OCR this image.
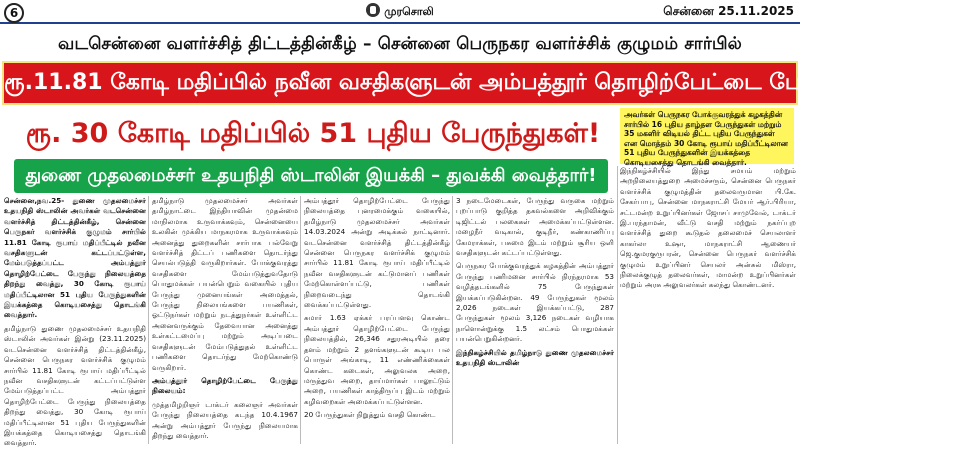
6	முரசொலி	சென்னை 25.11.2025
வடசென்னை வளர்ச்சித் திட்டத்தின்கீழ் – சென்னை பெருநகர வளர்ச்சிக் குழுமம் சார்பில்
ரூ.11.81 கோடி மதிப்பில் நவீன வசதிகளுடன் அம்பத்தூர் தொழிற்பேட்டை பேருந்து நிலையம்!
ரூ. 30 கோடி மதிப்பில் 51 புதிய பேருந்துகள்!
துணை முதலமைச்சர் உதயநிதி ஸ்டாலின் இயக்கி – துவக்கி வைத்தார்!
அவர்கள் பெருநகர போக்குவரத்துக் கழகத்தின் சார்பில் 16 புதிய தாழ்தள பேருந்துகள் மற்றும் 35 மகளிர் விடியல் திட்ட புதிய பேருந்துகள் என மொத்தம் 30 கோடி ரூபாய் மதிப்பீட்டிலான 51 புதிய பேருந்துகளின் இயக்கத்தை கொடியசைத்து தொடங்கி வைத்தார்.

சென்னை,நவ.25- துணை முதலமைச்சர் உதயநிதி ஸ்டாலின் அவர்கள் வடசென்னை வளர்ச்சித் திட்டத்தின்கீழ், சென்னை பெருநகர் வளர்ச்சிக் குழுமம் சார்பில் 11.81 கோடி ரூபாய் மதிப்பீட்டில் நவீன வசதிகளுடன் கட்டப்பட்டுள்ள, மேம்படுத்தப்பட்ட அம்பத்தூர் தொழிற்பேட்டை பேருந்து நிலையத்தை திறந்து வைத்து, 30 கோடி ரூபாய் மதிப்பீட்டிலான 51 புதிய பேருந்துகளின் இயக்கத்தை கொடியசைத்து தொடங்கி வைத்தார்.

தமிழ்நாடு துணை முதலமைச்சர் உதயநிதி ஸ்டாலின் அவர்கள் இன்று (23.11.2025) வடசென்னை வளர்ச்சித் திட்டத்தின்கீழ், சென்னை பெருநகர வளர்ச்சிக் குழுமம் சார்பில் 11.81 கோடி ரூபாய் மதிப்பீட்டில் நவீன வசதிகளுடன் கட்டப்பட்டுள்ள மேம்படுத்தப்பட்ட அம்பத்தூர் தொழிற்பேட்டை பேருந்து நிலையத்தை திறந்து வைத்து, 30 கோடி ரூபாய் மதிப்பீட்டிலான 51 புதிய பேருந்துகளின் இயக்கத்தை கொடியசைத்து தொடங்கி வைத்தார்.

தமிழ்நாடு முதலமைச்சர் அவர்கள் தமிழ்நாட்டை இந்தியாவின் முதன்மை மாநிலமாக உருவாக்கவும், சென்னையை உலகின் முக்கிய மாநகரமாக உருவாக்கவும் அனைத்து துறைகளின் சார்பாக பல்வேறு வளர்ச்சித் திட்டப் பணிகளை தொடர்ந்து செயல்படுத்தி வருகிறார்கள். போக்குவரத்து வசதிகளை மேம்படுத்துவதோடு பொதுமக்கள் பயன்பெறும் வகையில் புதிய பேருந்து முனையங்கள் அமைத்தல், பேருந்து நிலையங்களை பயணிகள், ஓட்டுநர்கள் மற்றும் நடத்துநர்கள் உள்ளிட்ட அனைவருக்கும் தேவையான அனைத்து உள்கட்டமைப்பு மற்றும் அடிப்படை வசதிகளுடன் மேம்படுத்துதல் உள்ளிட்ட பணிகளை தொடர்ந்து மேற்கொண்டு வருகிறார்.

அம்பத்தூர் தொழிற்பேட்டை பேருந்து நிலையம்:

முத்தமிழறிஞர் டாக்டர் கலைஞர் அவர்கள் பேருந்து நிலையத்தை கடந்த 10.4.1967 அன்று அம்பத்தூர் பேருந்து நிலையமாக திறந்து வைத்தார்.

அம்பத்தூர் தொழிற்பேட்டை பேருந்து நிலையத்தை புனரமைக்கும் வகையில், தமிழ்நாடு முதலமைச்சர் அவர்கள் 14.03.2024 அன்று அடிக்கல் நாட்டினார். வடசென்னை வளர்ச்சித் திட்டத்தின்கீழ் சென்னை பெருநகர வளர்ச்சிக் குழுமம் சார்பில் 11.81 கோடி ரூபாய் மதிப்பீட்டில் நவீன வசதிகளுடன் கட்டுமானப் பணிகள் மேற்கொள்ளப்பட்டு, பணிகள் நிறைவடைந்து தொடங்கி வைக்கப்பட்டுள்ளது.

சுமார் 1.63 ஏக்கர் பரப்பளவு கொண்ட அம்பத்தூர் தொழிற்பேட்டை பேருந்து நிலையத்தில், 26,346 சதுரஅடியில் தரை தளம் மற்றும் 2 தளங்களுடன் கூடிய பல பொருள் அங்காடி, 11 எண்ணிக்கைகள் கொண்ட கடைகள், அலுவலக அறை, மருத்துவ அறை, தாய்மார்கள் பாலூட்டும் அறை, பயணிகள் காத்திருப்பு இடம் மற்றும் கழிவறைகள் அமைக்கப்பட்டுள்ளன.

20 பேருந்துகள் நிறுத்தும் வசதி கொண்ட

3 நடைமேடைகள், பேருந்து வருகை மற்றும் புறப்பாடு குறித்த தகவல்களை அறிவிக்கும் டிஜிட்டல் பலகைகள் அமைக்கப்பட்டுள்ளன. மழைநீர் வடிகால், குடிநீர், கண்காணிப்பு கேமராக்கள், பசுமை இடம் மற்றும் சூரிய ஒளி வசதிகளுடன் கட்டப்பட்டுள்ளது.

பெருநகர போக்குவரத்துக் கழகத்தின் அம்பத்தூர் பேருந்து பணிமனை சார்பில் நிரந்தரமாக 53 வழித்தடங்களில் 75 பேருந்துகள் இயக்கப்படுகின்றன. 49 பேருந்துகள் மூலம் 2,026 நடைகள் இயக்கப்பட்டு, 287 பேருந்துகள் மூலம் 3,126 நடைகள் வழியாக நாளொன்றுக்கு 1.5 லட்சம் பொதுமக்கள் பயன்பெறுகின்றனர்.

இந்நிகழ்ச்சியில் தமிழ்நாடு துணை முதலமைச்சர் உதயநிதி ஸ்டாலின்

இந்நிகழ்ச்சியில் இந்து சமயம் மற்றும் அறநிலையத்துறை அமைச்சரும், சென்னை பெருநகர் வளர்ச்சிக் குழுமத்தின் தலைவருமான பி.கே. சேகர்பாபு, சென்னை மாநகராட்சி மேயர் ஆர்.பிரியா, சட்டமன்ற உறுப்பினர்கள் ஜோசப் சாமுவேல், டாக்டர் இ.பரந்தாமன், வீட்டு வசதி மற்றும் நகர்ப்புற வளர்ச்சித் துறை கூடுதல் தலைமைச் செயலாளர் காகர்லா உஷா, மாநகராட்சி ஆணையர் ஜெ.குமரகுருபரன், சென்னை பெருநகர் வளர்ச்சிக் குழுமம் உறுப்பினர் செயலர் அன்சுல் மிஸ்ரா, நிலைக்குழுத் தலைவர்கள், மாமன்ற உறுப்பினர்கள் மற்றும் அரசு அலுவலர்கள் கலந்து கொண்டனர்.
